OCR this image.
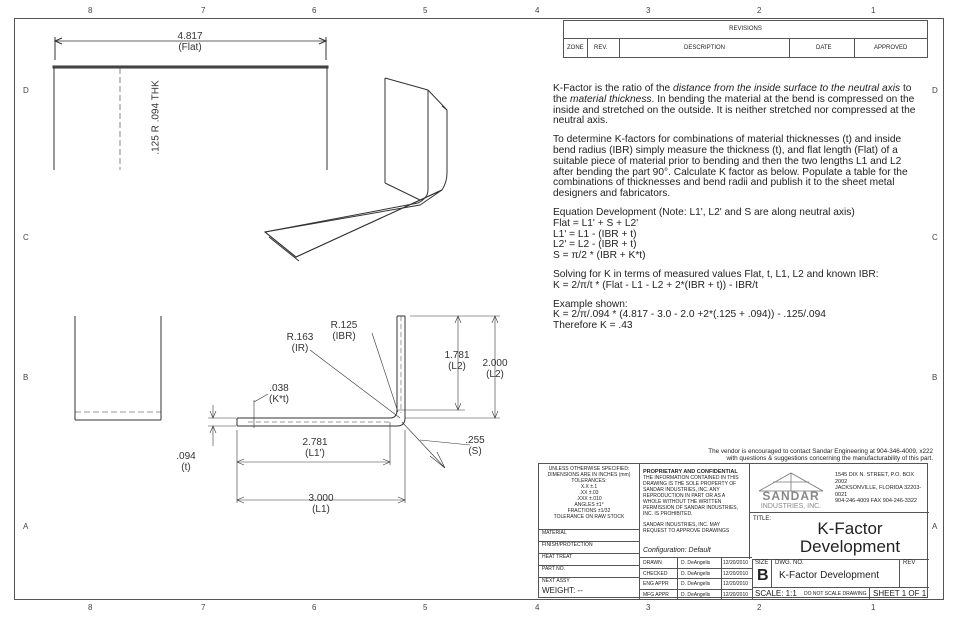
8	7	6	5	4	3	2	1
8	7	6	5	4	3	2	1
D
C
B
A
D
C
B
A
REVISIONS
ZONE REV.	DESCRIPTION	DATE	APPROVED
4.817
(Flat)
.125 R .094 THK
R.163
(IR)
R.125
(IBR)
1.781
(L2)	2.000
(L2)
.038
(K*t)
.094
(t)
2.781
(L1')
3.000
(L1)
.255
(S)

K-Factor is the ratio of the distance from the inside surface to the neutral axis to the material thickness. In bending the material at the bend is compressed on the inside and stretched on the outside. It is neither stretched nor compressed at the neutral axis.

To determine K-factors for combinations of material thicknesses (t) and inside bend radius (IBR) simply measure the thickness (t), and flat length (Flat) of a suitable piece of material prior to bending and then the two lengths L1 and L2 after bending the part 90°. Calculate K factor as below. Populate a table for the combinations of thicknesses and bend radii and publish it to the sheet metal designers and fabricators.

Equation Development (Note: L1', L2' and S are along neutral axis)
Flat = L1' + S + L2'
L1' = L1 - (IBR + t)
L2' = L2 - (IBR + t)
S = π/2 * (IBR + K*t)

Solving for K in terms of measured values Flat, t, L1, L2 and known IBR:
K = 2/π/t * (Flat - L1 - L2 + 2*(IBR + t)) - IBR/t

Example shown:
K = 2/π/.094 * (4.817 - 3.0 - 2.0 +2*(.125 + .094)) - .125/.094
Therefore K = .43

The vendor is encouraged to contact Sandar Engineering at 904-346-4009, x222
with questions & suggestions concerning the manufacturability of this part.
UNLESS OTHERWISE SPECIFIED:
DIMENSIONS ARE IN INCHES (mm)
TOLERANCES:
X.X ±.1
.XX ±.03
.XXX ±.010
ANGLES ±1°
FRACTIONS ±1/32
TOLERANCE ON RAW STOCK
PROPRIETARY AND CONFIDENTIAL
THE INFORMATION CONTAINED IN THIS DRAWING IS THE SOLE PROPERTY OF SANDAR INDUSTRIES, INC. ANY REPRODUCTION IN PART OR AS A WHOLE WITHOUT THE WRITTEN PERMISSION OF SANDAR INDUSTRIES, INC. IS PROHIBITED.
SANDAR INDUSTRIES, INC. MAY REQUEST TO APPROVE DRAWINGS
SANDAR
INDUSTRIES, INC.
1545 DIX N. STREET, P.O. BOX 2002
JACKSONVILLE, FLORIDA 32203-0021
904-246-4009 FAX 904-246-3322
TITLE:	K-Factor
Development
MATERIAL
FINISH/PROTECTION
HEAT TREAT
PART NO.
NEXT ASSY
WEIGHT: --
Configuration: Default
DRAWN	D. DeAngelis	12/20/2010
CHECKED	D. DeAngelis	12/20/2010
ENG APPR D. DeAngelis	12/20/2010
MFG APPR D. DeAngelis	12/20/2010
SIZE
B
DWG. NO.
K-Factor Development
REV
SCALE: 1:1 DO NOT SCALE DRAWING SHEET 1 OF 1
